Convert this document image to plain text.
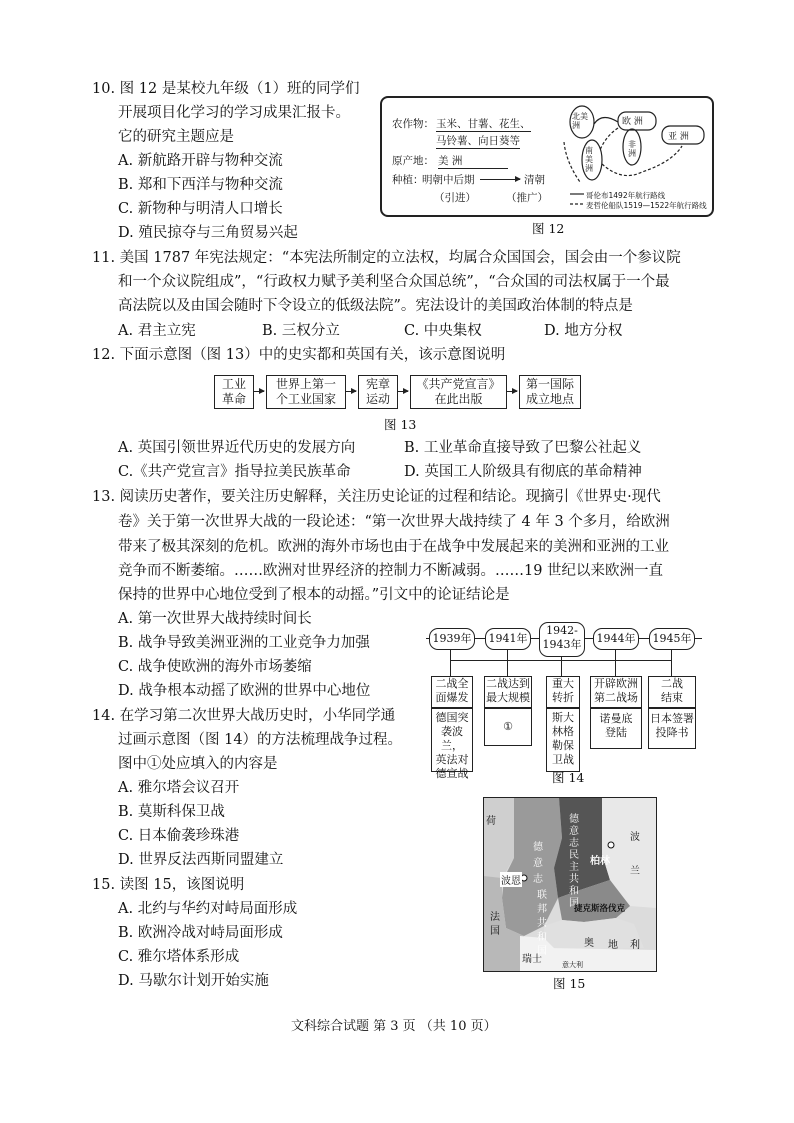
10. 图 12 是某校九年级（1）班的同学们
开展项目化学习的学习成果汇报卡。
它的研究主题应是
A. 新航路开辟与物种交流
B. 郑和下西洋与物种交流
C. 新物种与明清人口增长
D. 殖民掠夺与三角贸易兴起
农作物： 玉米、甘薯、花生、
马铃薯、向日葵等
原产地： 美 洲
种植：
明朝中后期	清朝
（引进）	（推广）
北美洲
南美洲
欧 洲
非洲
亚 洲
哥伦布1492年航行路线
麦哲伦船队1519—1522年航行路线
图 12
11. 美国 1787 年宪法规定：“本宪法所制定的立法权，均属合众国国会，国会由一个参议院
和一个众议院组成”，“行政权力赋予美利坚合众国总统”，“合众国的司法权属于一个最
高法院以及由国会随时下令设立的低级法院”。宪法设计的美国政治体制的特点是
A. 君主立宪	B. 三权分立	C. 中央集权	D. 地方分权
12. 下面示意图（图 13）中的史实都和英国有关，该示意图说明
工业
革命
世界上第一
个工业国家
宪章
运动
《共产党宣言》
在此出版
第一国际
成立地点
图 13
A. 英国引领世界近代历史的发展方向	B. 工业革命直接导致了巴黎公社起义
C.《共产党宣言》指导拉美民族革命	D. 英国工人阶级具有彻底的革命精神
13. 阅读历史著作，要关注历史解释，关注历史论证的过程和结论。现摘引《世界史·现代
卷》关于第一次世界大战的一段论述：“第一次世界大战持续了 4 年 3 个多月，给欧洲
带来了极其深刻的危机。欧洲的海外市场也由于在战争中发展起来的美洲和亚洲的工业
竞争而不断萎缩。……欧洲对世界经济的控制力不断减弱。……19 世纪以来欧洲一直
保持的世界中心地位受到了根本的动摇。”引文中的论证结论是
A. 第一次世界大战持续时间长
B. 战争导致美洲亚洲的工业竞争力加强
C. 战争使欧洲的海外市场萎缩
D. 战争根本动摇了欧洲的世界中心地位
1939年	1941年
1942-
1943年	1944年	1945年
二战全
面爆发
二战达到
最大规模
重大
转折
开辟欧洲
第二战场
二战
结束
德国突
袭波兰，
英法对
德宣战
①
斯大
林格
勒保
卫战
诺曼底
登陆
日本签署
投降书
图 14
14. 在学习第二次世界大战历史时，小华同学通
过画示意图（图 14）的方法梳理战争过程。
图中①处应填入的内容是
A. 雅尔塔会议召开
B. 莫斯科保卫战
C. 日本偷袭珍珠港
D. 世界反法西斯同盟建立
15. 读图 15，该图说明
A. 北约与华约对峙局面形成
B. 欧洲冷战对峙局面形成
C. 雅尔塔体系形成
D. 马歇尔计划开始实施
荷
德
意
志
联
邦
共
和
国
波恩
德
意
志
民
主
共
和
国
柏林
波
兰
捷克斯洛伐克
奥 地 利
法
国
瑞士	意大利
图 15
文科综合试题 第 3 页 （共 10 页）
